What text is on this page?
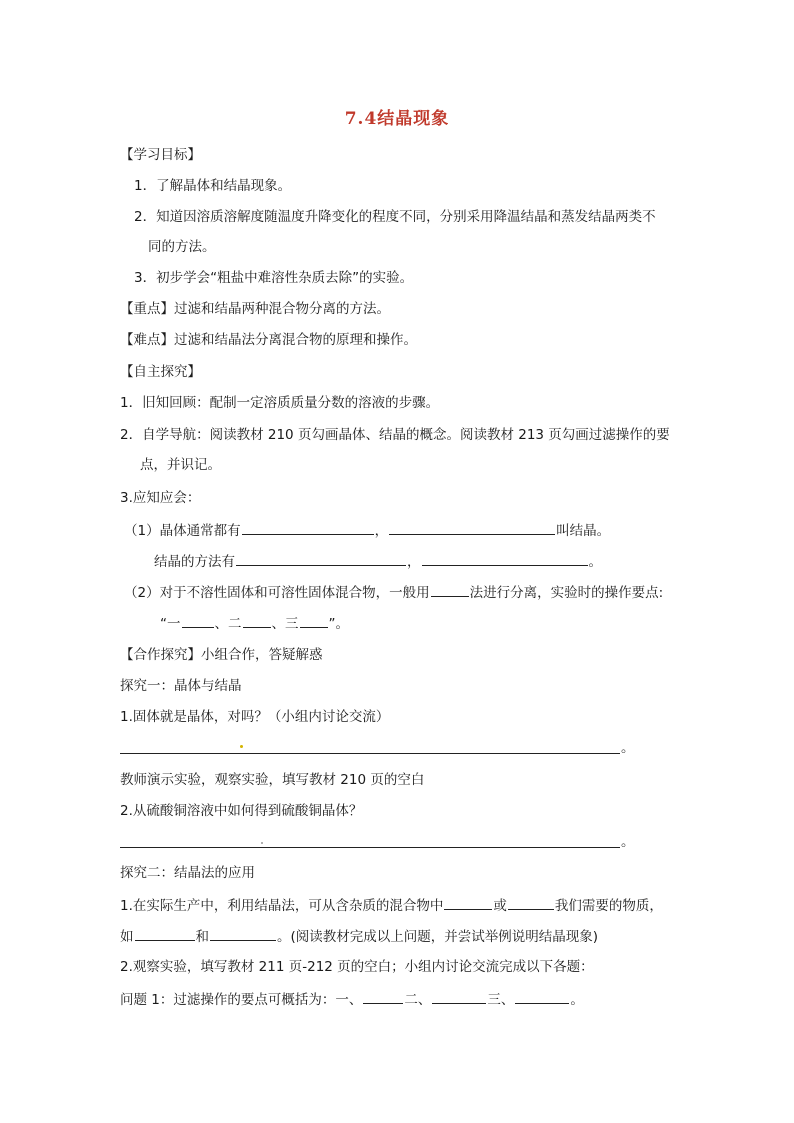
7.4结晶现象
【学习目标】
1．了解晶体和结晶现象。
2．知道因溶质溶解度随温度升降变化的程度不同，分别采用降温结晶和蒸发结晶两类不
同的方法。
3．初步学会“粗盐中难溶性杂质去除”的实验。
【重点】过滤和结晶两种混合物分离的方法。
【难点】过滤和结晶法分离混合物的原理和操作。
【自主探究】
1．旧知回顾：配制一定溶质质量分数的溶液的步骤。
2．自学导航：阅读教材 210 页勾画晶体、结晶的概念。阅读教材 213 页勾画过滤操作的要
点，并识记。
3.应知应会：
（1）晶体通常都有	，	叫结晶。
结晶的方法有	，	。
（2）对于不溶性固体和可溶性固体混合物，一般用	法进行分离，实验时的操作要点:
“一	、二 、三 ”。
【合作探究】小组合作，答疑解惑
探究一：晶体与结晶
1.固体就是晶体，对吗？（小组内讨论交流）
。
教师演示实验，观察实验，填写教材 210 页的空白
2.从硫酸铜溶液中如何得到硫酸铜晶体？
。
探究二：结晶法的应用
1.在实际生产中，利用结晶法，可从含杂质的混合物中	或	我们需要的物质，
如	和	。(阅读教材完成以上问题，并尝试举例说明结晶现象)
2.观察实验，填写教材 211 页-212 页的空白；小组内讨论交流完成以下各题：
问题 1：过滤操作的要点可概括为：一、	二、	三、	。
